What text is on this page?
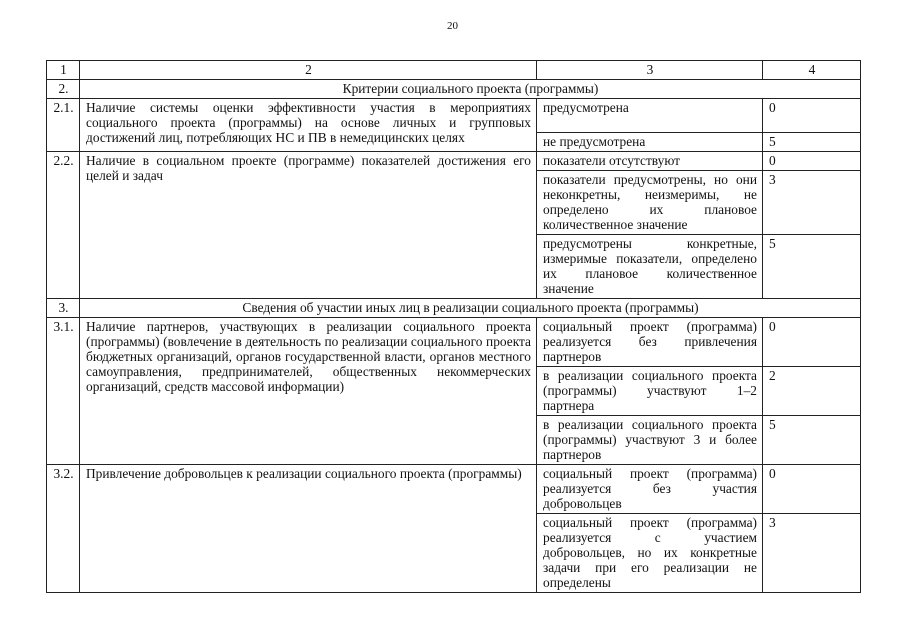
20
1	2	3	4
2.	Критерии социального проекта (программы)		
2.1.	Наличие системы оценки эффективности участия в мероприятиях социального проекта (программы) на основе личных и групповых достижений лиц, потребляющих НС и ПВ в немедицинских целях	предусмотрена	0
		не предусмотрена	5
2.2.	Наличие в социальном проекте (программе) показателей достижения его целей и задач	показатели отсутствуют	0
		показатели предусмотрены, но они неконкретны, неизмеримы, не определено их плановое количественное значение	3
		предусмотрены конкретные, измеримые показатели, определено их плановое количественное значение	5
3.	Сведения об участии иных лиц в реализации социального проекта (программы)		
3.1.	Наличие партнеров, участвующих в реализации социального проекта (программы) (вовлечение в деятельность по реализации социального проекта бюджетных организаций, органов государственной власти, органов местного самоуправления, предпринимателей, общественных некоммерческих организаций, средств массовой информации)	социальный проект (программа) реализуется без привлечения партнеров	0
		в реализации социального проекта (программы) участвуют 1–2 партнера	2
		в реализации социального проекта (программы) участвуют 3 и более партнеров	5
3.2.	Привлечение добровольцев к реализации социального проекта (программы)	социальный проект (программа) реализуется без участия добровольцев	0
		социальный проект (программа) реализуется с участием добровольцев, но их конкретные задачи при его реализации не определены	3
